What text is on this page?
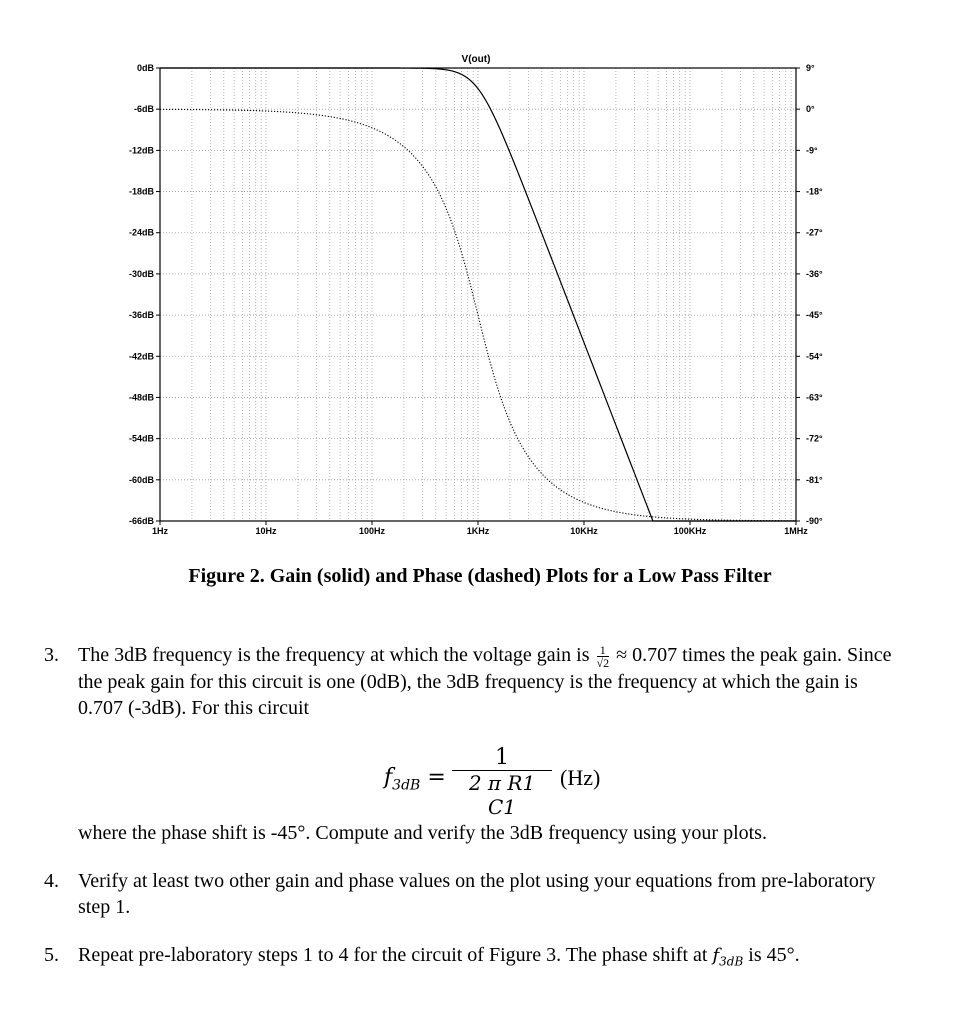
V(out)
1Hz	10Hz	100Hz	1KHz	10KHz	100KHz	1MHz
0dB
-6dB
-12dB
-18dB
-24dB
-30dB
-36dB
-42dB
-48dB
-54dB
-60dB
-66dB
9°
0°
-9°
-18°
-27°
-36°
-45°
-54°
-63°
-72°
-81°
-90°
Figure 2. Gain (solid) and Phase (dashed) Plots for a Low Pass Filter
3. The 3dB frequency is the frequency at which the voltage gain is $\frac{1}{√2} \approx 0.707$ times the peak gain. Since the peak gain for this circuit is one (0dB), the 3dB frequency is the frequency at which the gain is 0.707 (-3dB). For this circuit
$f_{3dB} = \frac{1}{\text{2 π R1 C1}} (Hz)$
where the phase shift is -45°. Compute and verify the 3dB frequency using your plots.
4. Verify at least two other gain and phase values on the plot using your equations from pre-laboratory step 1.
5. Repeat pre-laboratory steps 1 to 4 for the circuit of Figure 3. The phase shift at $f_{3dB}$ is 45°.
